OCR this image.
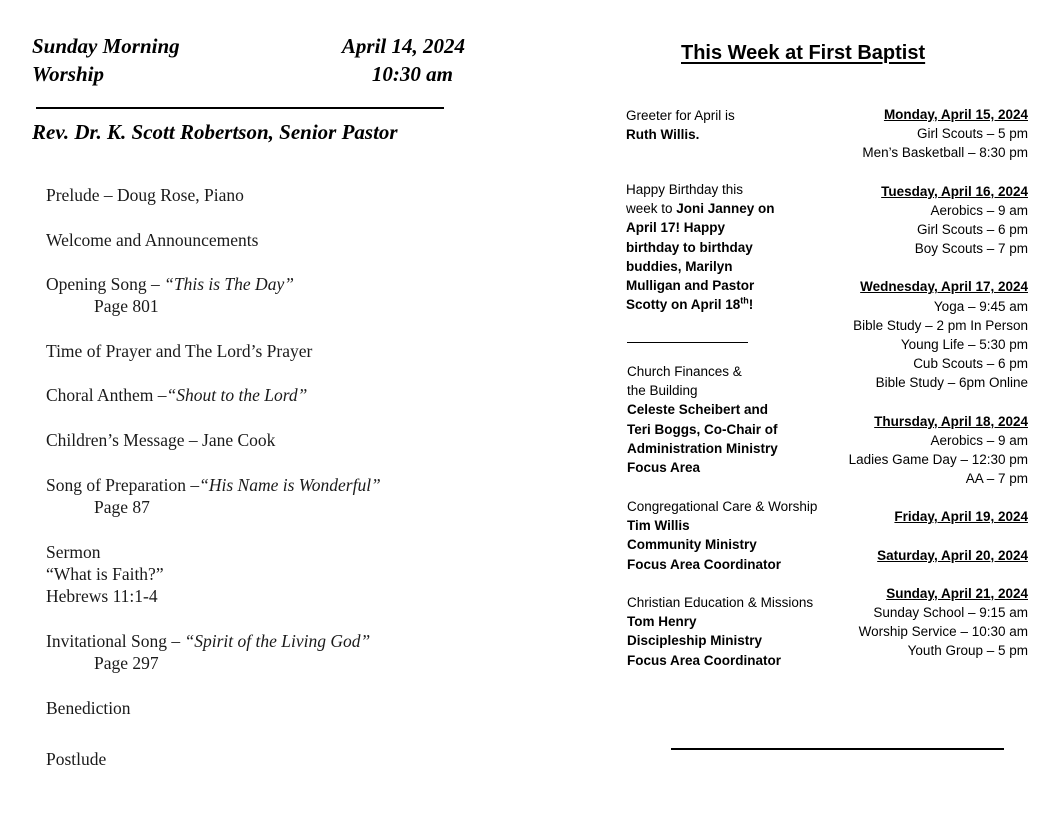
Sunday Morning
Worship
April 14, 2024
10:30 am
Rev. Dr. K. Scott Robertson, Senior Pastor
Prelude – Doug Rose, Piano
Welcome and Announcements
Opening Song – “This is The Day”
Page 801
Time of Prayer and The Lord’s Prayer
Choral Anthem –“Shout to the Lord”
Children’s Message – Jane Cook
Song of Preparation –“His Name is Wonderful”
Page 87
Sermon
“What is Faith?”
Hebrews 11:1-4
Invitational Song – “Spirit of the Living God”
Page 297
Benediction
Postlude
This Week at First Baptist
Greeter for April is
Ruth Willis.
Happy Birthday this
week to Joni Janney on
April 17! Happy
birthday to birthday
buddies, Marilyn
Mulligan and Pastor
Scotty on April 18th!
Church Finances &
the Building
Celeste Scheibert and
Teri Boggs, Co-Chair of
Administration Ministry
Focus Area
Congregational Care & Worship
Tim Willis
Community Ministry
Focus Area Coordinator
Christian Education & Missions
Tom Henry
Discipleship Ministry
Focus Area Coordinator
Monday, April 15, 2024
Girl Scouts – 5 pm
Men’s Basketball – 8:30 pm
Tuesday, April 16, 2024
Aerobics – 9 am
Girl Scouts – 6 pm
Boy Scouts – 7 pm
Wednesday, April 17, 2024
Yoga – 9:45 am
Bible Study – 2 pm In Person
Young Life – 5:30 pm
Cub Scouts – 6 pm
Bible Study – 6pm Online
Thursday, April 18, 2024
Aerobics – 9 am
Ladies Game Day – 12:30 pm
AA – 7 pm
Friday, April 19, 2024
Saturday, April 20, 2024
Sunday, April 21, 2024
Sunday School – 9:15 am
Worship Service – 10:30 am
Youth Group – 5 pm
